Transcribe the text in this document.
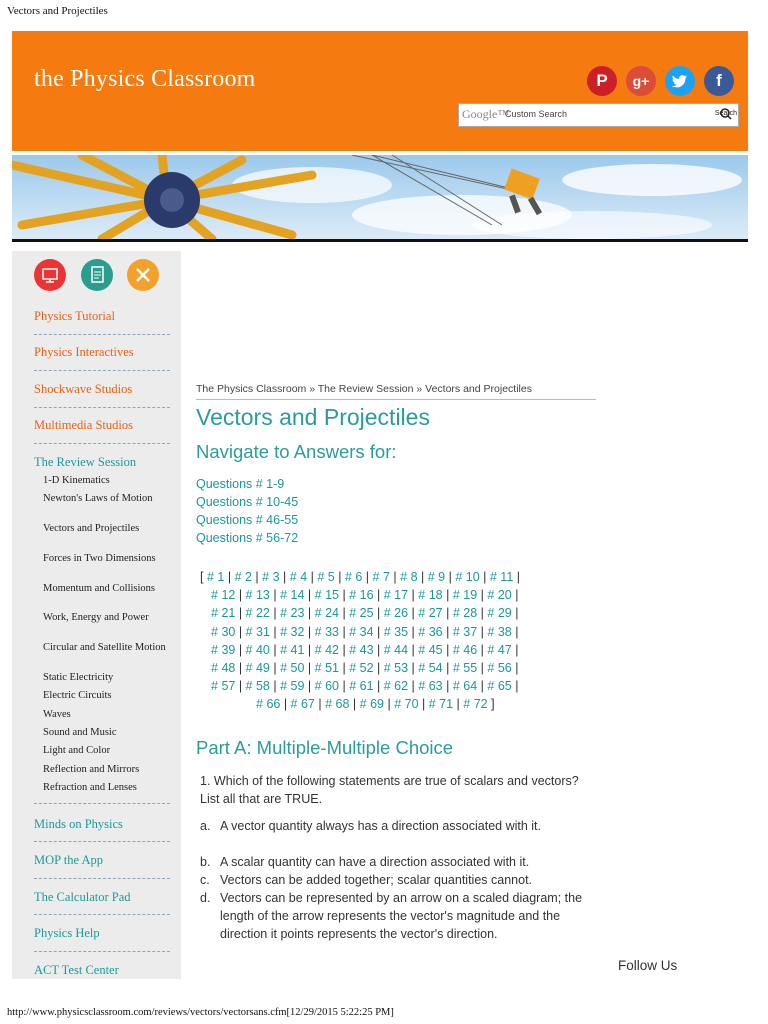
Vectors and Projectiles
the Physics Classroom	P	g+	f
Google™
Custom Search	Search
Physics Tutorial
Physics Interactives
Shockwave Studios
Multimedia Studios
The Review Session
1-D Kinematics
Newton's Laws of Motion
Vectors and Projectiles
Forces in Two Dimensions
Momentum and Collisions
Work, Energy and Power
Circular and Satellite Motion
Static Electricity
Electric Circuits
Waves
Sound and Music
Light and Color
Reflection and Mirrors
Refraction and Lenses
Minds on Physics
MOP the App
The Calculator Pad
Physics Help
ACT Test Center
The Physics Classroom » The Review Session » Vectors and Projectiles
Vectors and Projectiles
Navigate to Answers for:
Questions # 1-9
Questions # 10-45
Questions # 46-55
Questions # 56-72
[ # 1 | # 2 | # 3 | # 4 | # 5 | # 6 | # 7 | # 8 | # 9 | # 10 | # 11 |
# 12 | # 13 | # 14 | # 15 | # 16 | # 17 | # 18 | # 19 | # 20 |
# 21 | # 22 | # 23 | # 24 | # 25 | # 26 | # 27 | # 28 | # 29 |
# 30 | # 31 | # 32 | # 33 | # 34 | # 35 | # 36 | # 37 | # 38 |
# 39 | # 40 | # 41 | # 42 | # 43 | # 44 | # 45 | # 46 | # 47 |
# 48 | # 49 | # 50 | # 51 | # 52 | # 53 | # 54 | # 55 | # 56 |
# 57 | # 58 | # 59 | # 60 | # 61 | # 62 | # 63 | # 64 | # 65 |
# 66 | # 67 | # 68 | # 69 | # 70 | # 71 | # 72 ]
Part A: Multiple-Multiple Choice
1. Which of the following statements are true of scalars and vectors? List all that are TRUE.
a. A vector quantity always has a direction associated with it.
b. A scalar quantity can have a direction associated with it.
c. Vectors can be added together; scalar quantities cannot.
d. Vectors can be represented by an arrow on a scaled diagram; the length of the arrow represents the vector's magnitude and the direction it points represents the vector's direction.
Follow Us
http://www.physicsclassroom.com/reviews/vectors/vectorsans.cfm[12/29/2015 5:22:25 PM]
